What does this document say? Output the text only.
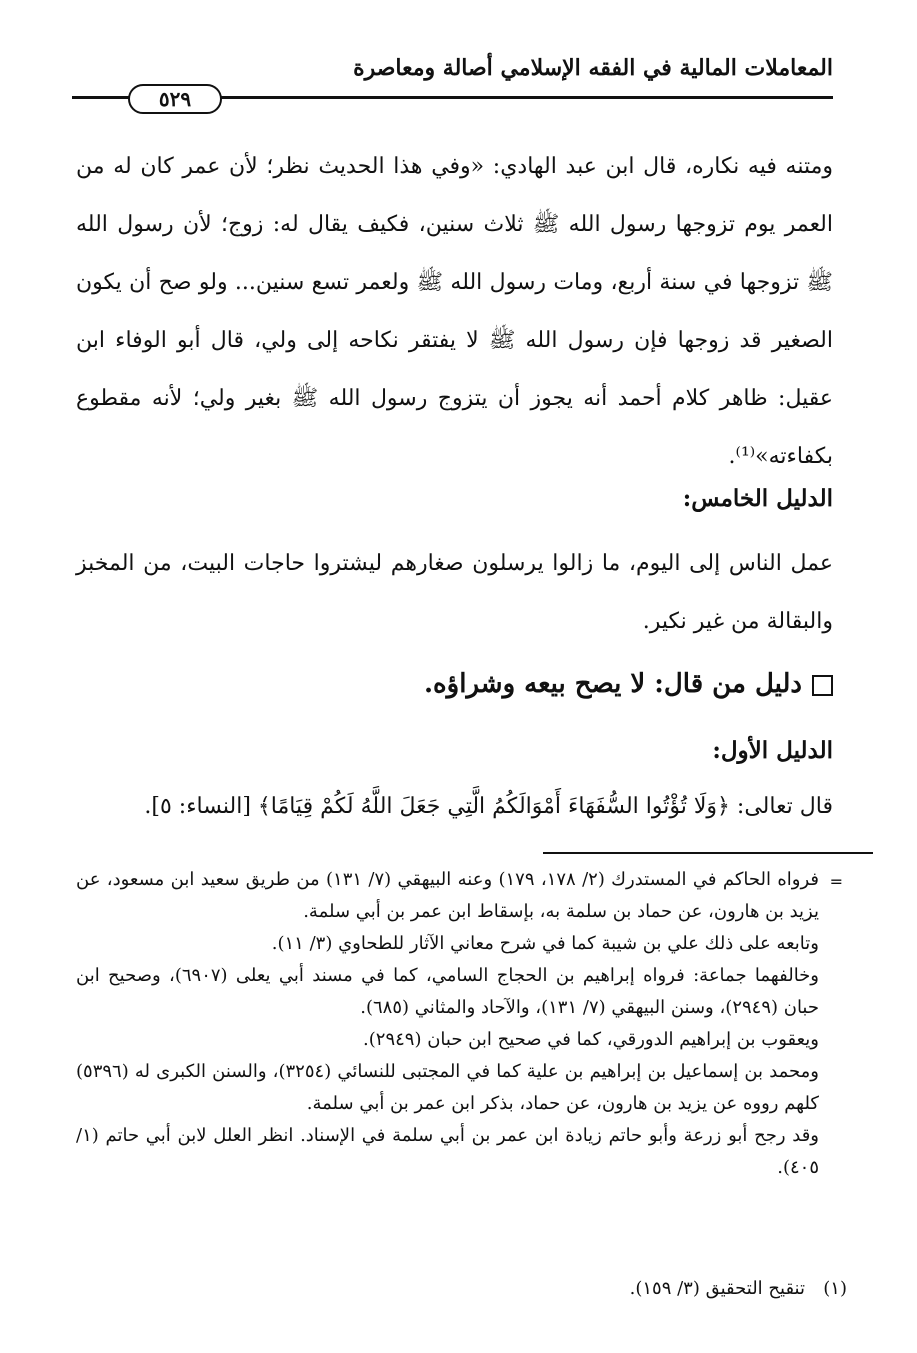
المعاملات المالية في الفقه الإسلامي أصالة ومعاصرة
٥٢٩
ومتنه فيه نكاره، قال ابن عبد الهادي: «وفي هذا الحديث نظر؛ لأن عمر كان له من العمر يوم تزوجها رسول الله ﷺ ثلاث سنين، فكيف يقال له: زوج؛ لأن رسول الله ﷺ تزوجها في سنة أربع، ومات رسول الله ﷺ ولعمر تسع سنين... ولو صح أن يكون الصغير قد زوجها فإن رسول الله ﷺ لا يفتقر نكاحه إلى ولي، قال أبو الوفاء ابن عقيل: ظاهر كلام أحمد أنه يجوز أن يتزوج رسول الله ﷺ بغير ولي؛ لأنه مقطوع بكفاءته»⁽¹⁾.
الدليل الخامس:
عمل الناس إلى اليوم، ما زالوا يرسلون صغارهم ليشتروا حاجات البيت، من المخبز والبقالة من غير نكير.
دليل من قال: لا يصح بيعه وشراؤه.
الدليل الأول:
قال تعالى: ﴿وَلَا تُؤْتُوا السُّفَهَاءَ أَمْوَالَكُمُ الَّتِي جَعَلَ اللَّهُ لَكُمْ قِيَامًا﴾ [النساء: ٥].
=

فرواه الحاكم في المستدرك (٢/ ١٧٨، ١٧٩) وعنه البيهقي (٧/ ١٣١) من طريق سعيد ابن مسعود، عن يزيد بن هارون، عن حماد بن سلمة به، بإسقاط ابن عمر بن أبي سلمة.

وتابعه على ذلك علي بن شيبة كما في شرح معاني الآثار للطحاوي (٣/ ١١).

وخالفهما جماعة: فرواه إبراهيم بن الحجاج السامي، كما في مسند أبي يعلى (٦٩٠٧)، وصحيح ابن حبان (٢٩٤٩)، وسنن البيهقي (٧/ ١٣١)، والآحاد والمثاني (٦٨٥).

ويعقوب بن إبراهيم الدورقي، كما في صحيح ابن حبان (٢٩٤٩).

ومحمد بن إسماعيل بن إبراهيم بن علية كما في المجتبى للنسائي (٣٢٥٤)، والسنن الكبرى له (٥٣٩٦) كلهم رووه عن يزيد بن هارون، عن حماد، بذكر ابن عمر بن أبي سلمة.

وقد رجح أبو زرعة وأبو حاتم زيادة ابن عمر بن أبي سلمة في الإسناد. انظر العلل لابن أبي حاتم (١/ ٤٠٥).

(١)
تنقيح التحقيق (٣/ ١٥٩).
